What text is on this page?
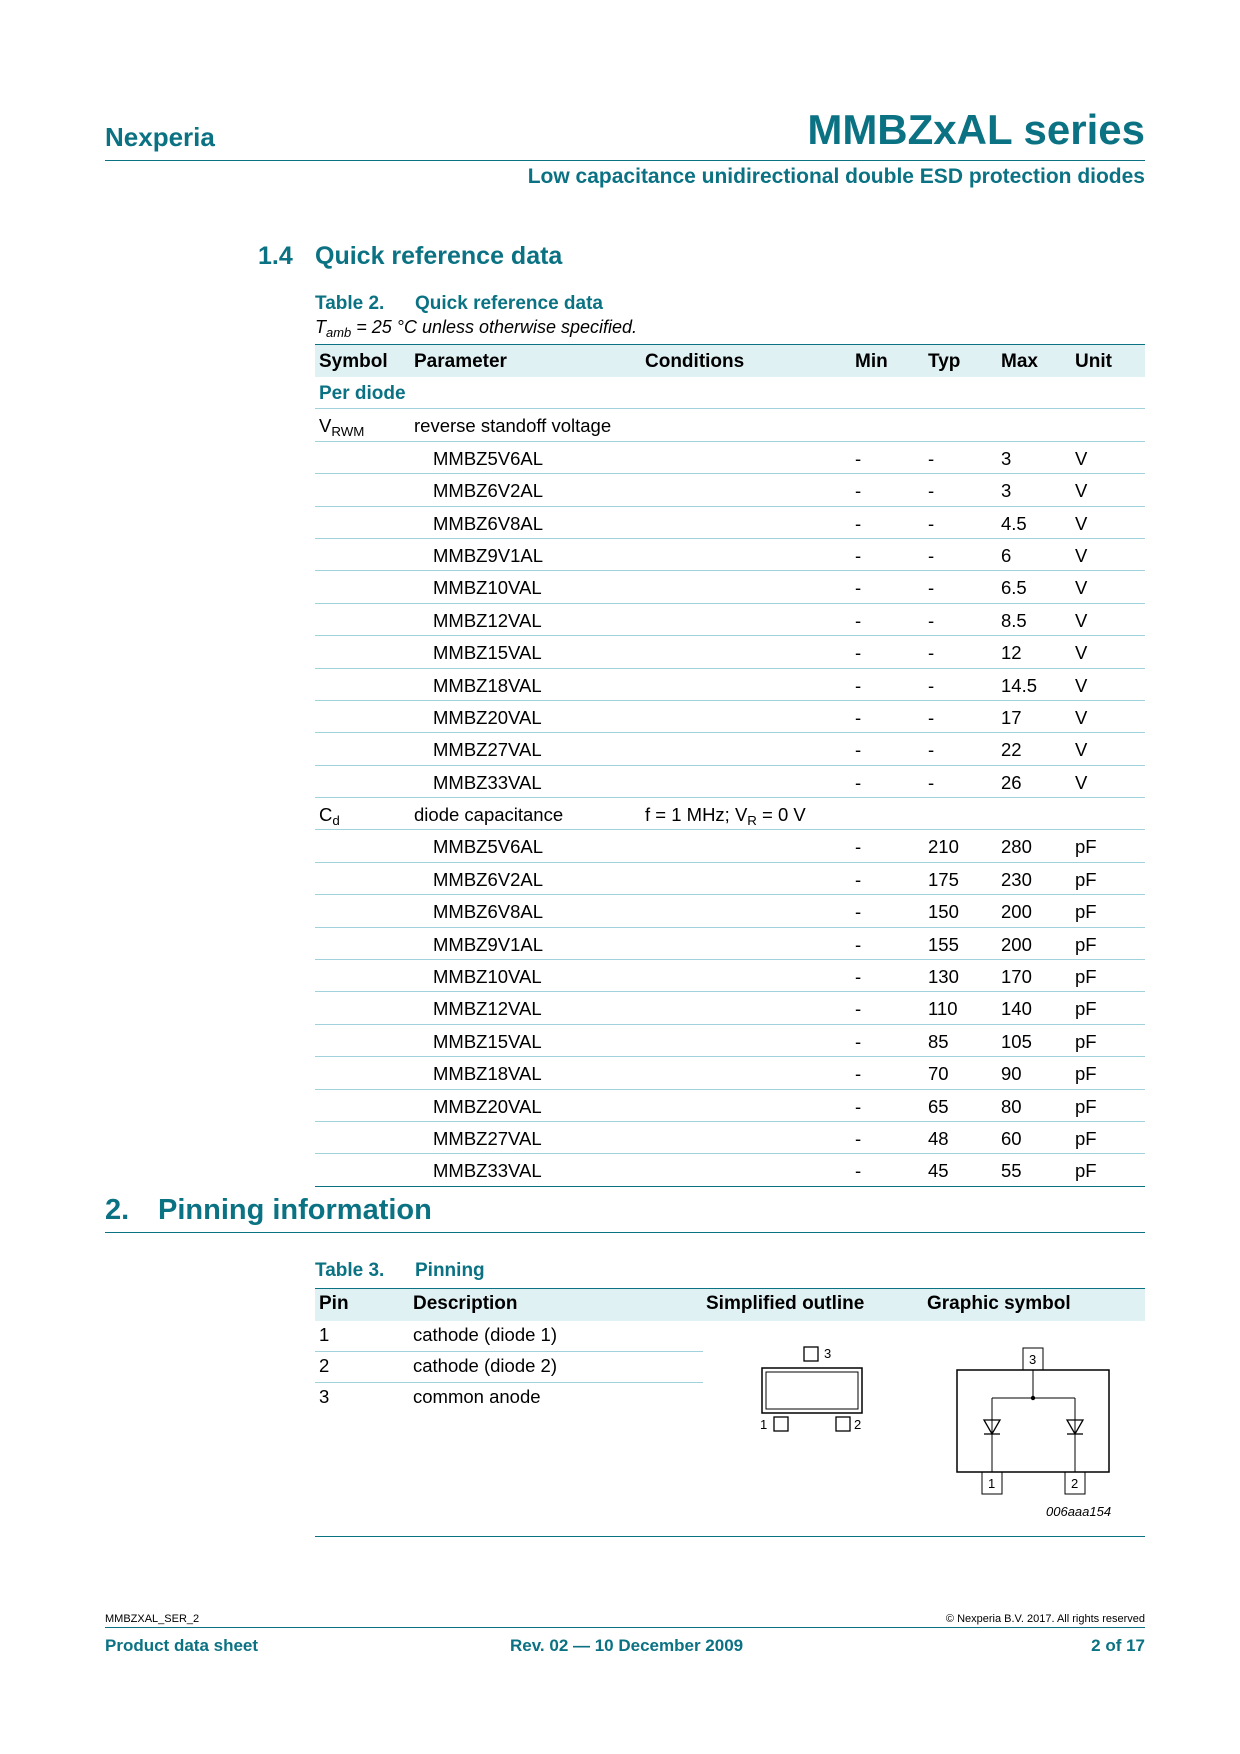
Nexperia	MMBZxAL series
Low capacitance unidirectional double ESD protection diodes
1.4 Quick reference data
Table 2. Quick reference data
$T_{amb} = 25$ °C unless otherwise specified.
Symbol Parameter	Conditions	Min Typ Max Unit
Per diode
$V_{RWM}$	reverse standoff voltage
MMBZ5V6AL	-	-	3	V
MMBZ6V2AL	-	-	3	V
MMBZ6V8AL	-	-	4.5	V
MMBZ9V1AL	-	-	6	V
MMBZ10VAL	-	-	6.5	V
MMBZ12VAL	-	-	8.5	V
MMBZ15VAL	-	-	12	V
MMBZ18VAL	-	-	14.5 V
MMBZ20VAL	-	-	17	V
MMBZ27VAL	-	-	22	V
MMBZ33VAL	-	-	26	V
$C_d$	diode capacitance	f = 1 MHz; $V_R = 0$ V
MMBZ5V6AL	-	210 280 pF
MMBZ6V2AL	-	175 230 pF
MMBZ6V8AL	-	150 200 pF
MMBZ9V1AL	-	155 200 pF
MMBZ10VAL	-	130 170 pF
MMBZ12VAL	-	110 140 pF
MMBZ15VAL	-	85	105 pF
MMBZ18VAL	-	70	90	pF
MMBZ20VAL	-	65	80	pF
MMBZ27VAL	-	48	60	pF
MMBZ33VAL	-	45	55	pF
2. Pinning information
Table 3. Pinning
Pin	Description	Simplified outline	Graphic symbol
1	cathode (diode 1)
2	cathode (diode 2)
3	common anode
3
1	2
3
1	2
006aaa154
MMBZXAL_SER_2	© Nexperia B.V. 2017. All rights reserved
Product data sheet	Rev. 02 — 10 December 2009	2 of 17
